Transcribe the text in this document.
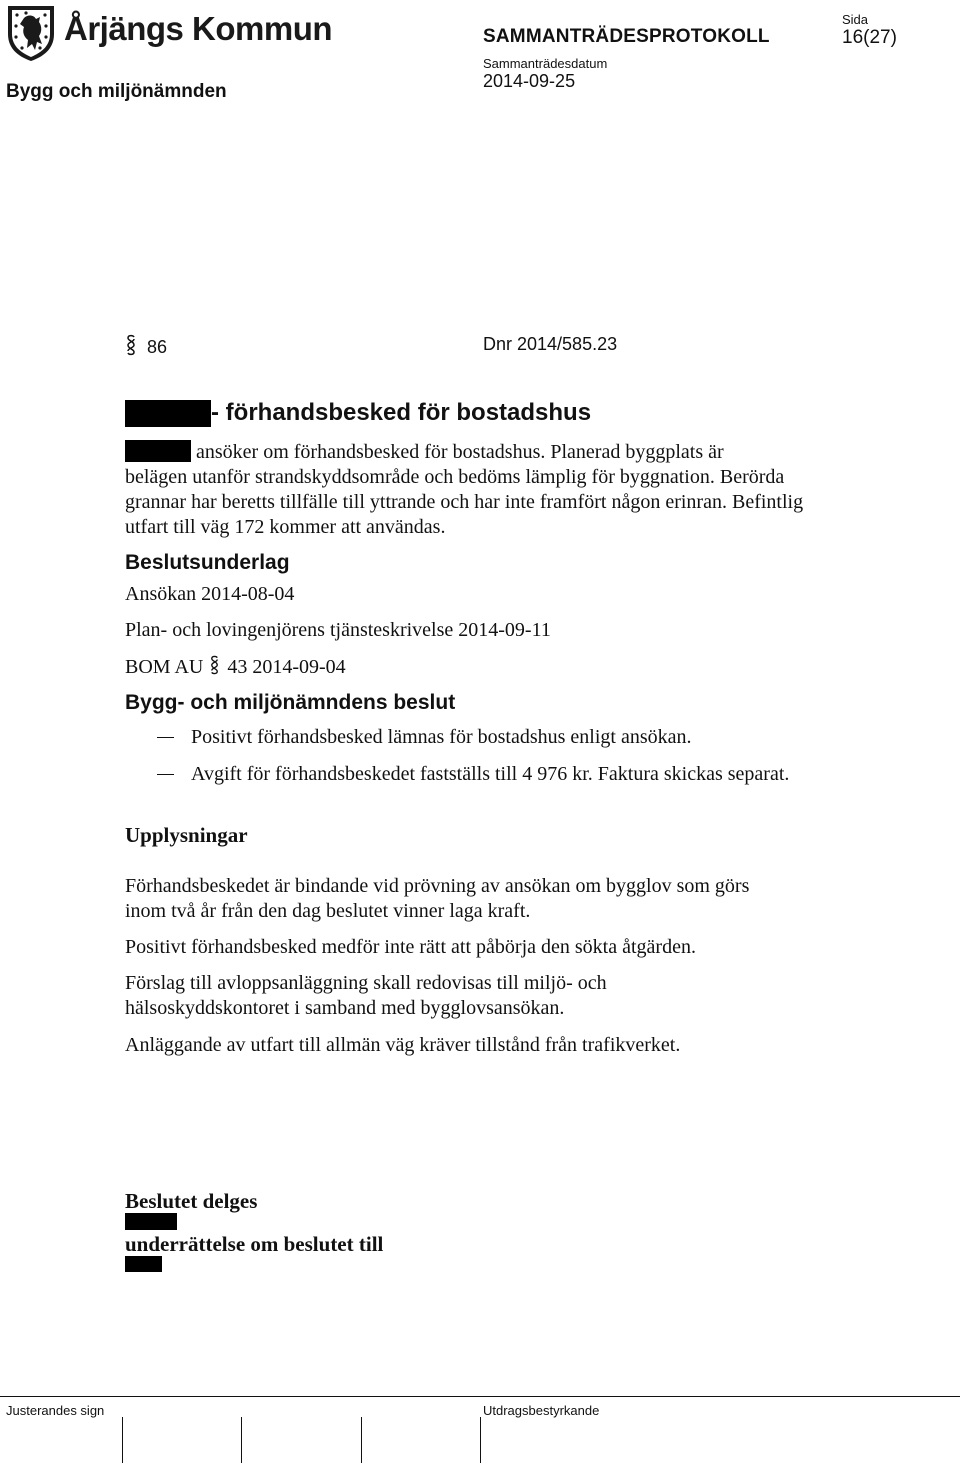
Årjängs Kommun
Bygg och miljönämnden
SAMMANTRÄDESPROTOKOLL
Sammanträdesdatum
2014-09-25
Sida
16(27)
86	Dnr 2014/585.23
- förhandsbesked för bostadshus
ansöker om förhandsbesked för bostadshus. Planerad byggplats är
belägen utanför strandskyddsområde och bedöms lämplig för byggnation. Berörda grannar har beretts tillfälle till yttrande och har inte framfört någon erinran. Befintlig utfart till väg 172 kommer att användas.
Beslutsunderlag
Ansökan 2014-08-04
Plan- och lovingenjörens tjänsteskrivelse 2014-09-11
BOM AU 43 2014-09-04
Bygg- och miljönämndens beslut
Positivt förhandsbesked lämnas för bostadshus enligt ansökan.
Avgift för förhandsbeskedet fastställs till 4 976 kr. Faktura skickas separat.
Upplysningar
Förhandsbeskedet är bindande vid prövning av ansökan om bygglov som görs inom två år från den dag beslutet vinner laga kraft.
Positivt förhandsbesked medför inte rätt att påbörja den sökta åtgärden.
Förslag till avloppsanläggning skall redovisas till miljö- och hälsoskyddskontoret i samband med bygglovsansökan.
Anläggande av utfart till allmän väg kräver tillstånd från trafikverket.
Beslutet delges
underrättelse om beslutet till
Justerandes sign	Utdragsbestyrkande
